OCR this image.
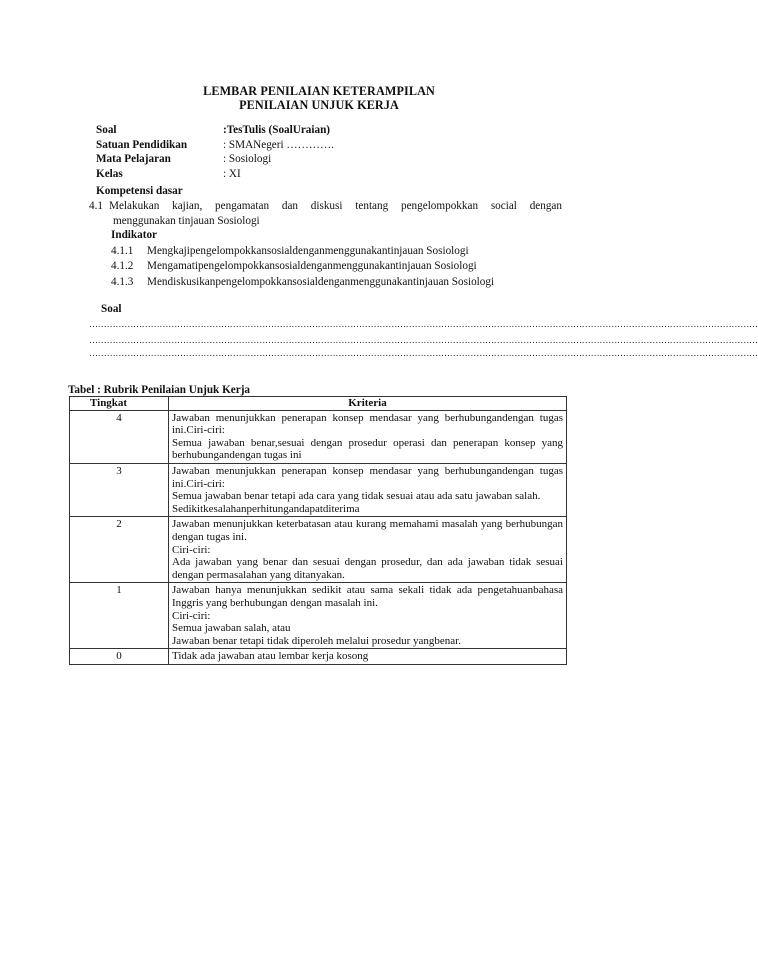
LEMBAR PENILAIAN KETERAMPILAN
PENILAIAN UNJUK KERJA
Soal	:TesTulis (SoalUraian)
Satuan Pendidikan	: SMANegeri ………….
Mata Pelajaran	: Sosiologi
Kelas	: XI
Kompetensi dasar
4.1 Melakukan kajian, pengamatan dan diskusi tentang pengelompokkan social dengan
menggunakan tinjauan Sosiologi
Indikator
4.1.1	Mengkajipengelompokkansosialdenganmenggunakantinjauan Sosiologi
4.1.2	Mengamatipengelompokkansosialdenganmenggunakantinjauan Sosiologi
4.1.3	Mendiskusikanpengelompokkansosialdenganmenggunakantinjauan Sosiologi
Soal
…………………………………………………………………………………………………………………………………………………………………………………………………………
…………………………………………………………………………………………………………………………………………………………………………………………………………
…………………………………………………………………………………………………………………………………………………………………………………………………………
Tabel : Rubrik Penilaian Unjuk Kerja
Tingkat	Kriteria
4	Jawaban menunjukkan penerapan konsep mendasar yang berhubungandengan tugas ini.Ciri-ciri:

Semua jawaban benar,sesuai dengan prosedur operasi dan penerapan konsep yang berhubungandengan tugas ini

3	Jawaban menunjukkan penerapan konsep mendasar yang berhubungandengan tugas ini.Ciri-ciri:

Semua jawaban benar tetapi ada cara yang tidak sesuai atau ada satu jawaban salah.

Sedikitkesalahanperhitungandapatditerima

2	Jawaban menunjukkan keterbatasan atau kurang memahami masalah yang berhubungan dengan tugas ini.

Ciri-ciri:

Ada jawaban yang benar dan sesuai dengan prosedur, dan ada jawaban tidak sesuai dengan permasalahan yang ditanyakan.

1	Jawaban hanya menunjukkan sedikit atau sama sekali tidak ada pengetahuanbahasa Inggris yang berhubungan dengan masalah ini.

Ciri-ciri:

Semua jawaban salah, atau

Jawaban benar tetapi tidak diperoleh melalui prosedur yangbenar.

0	Tidak ada jawaban atau lembar kerja kosong
